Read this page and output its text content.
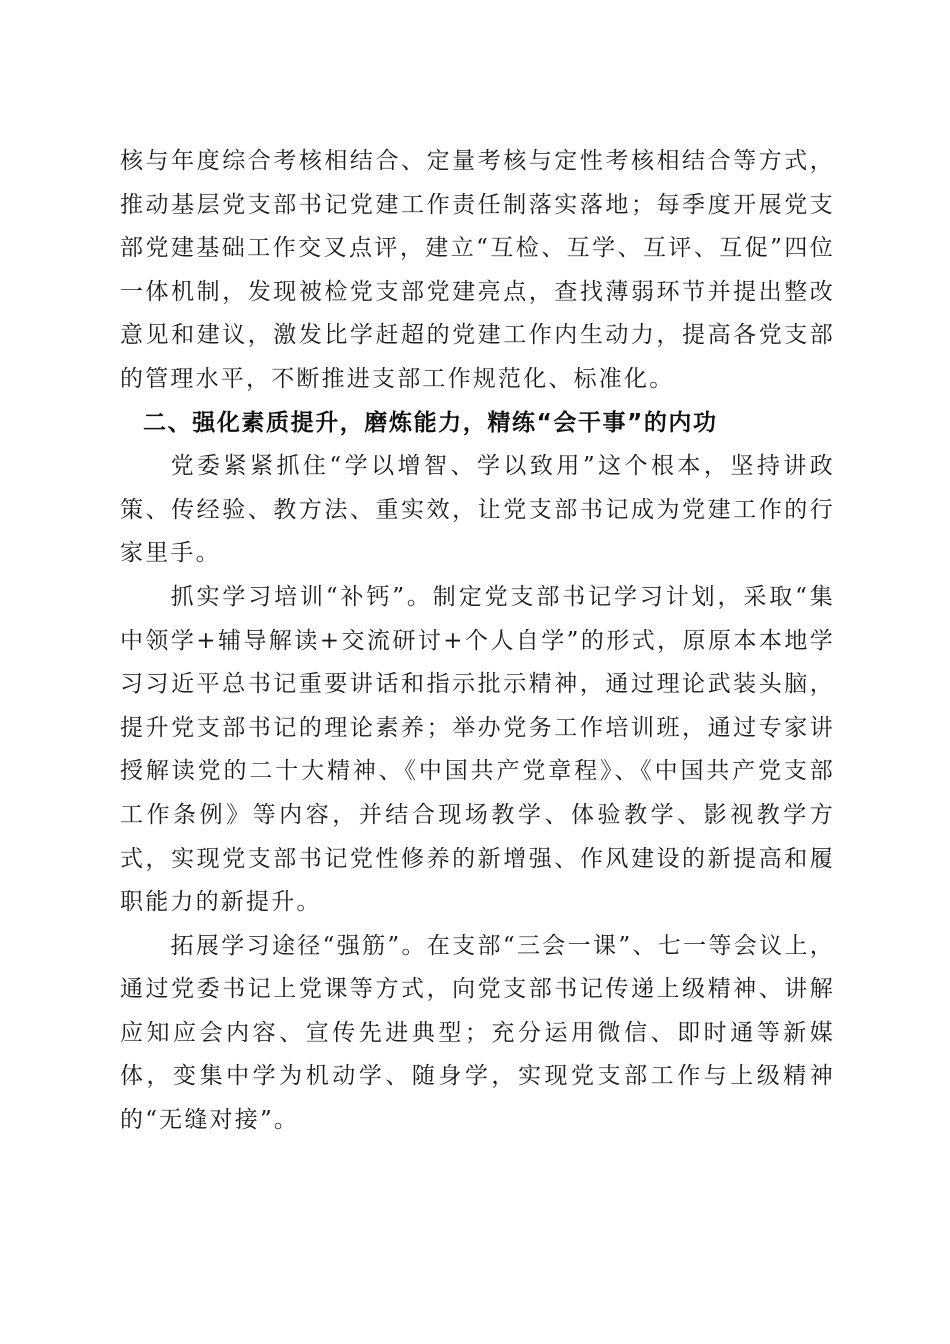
核与年度综合考核相结合、定量考核与定性考核相结合等方式，推动基层党支部书记党建工作责任制落实落地；每季度开展党支部党建基础工作交叉点评，建立“互检、互学、互评、互促”四位一体机制，发现被检党支部党建亮点，查找薄弱环节并提出整改意见和建议，激发比学赶超的党建工作内生动力，提高各党支部的管理水平，不断推进支部工作规范化、标准化。

二、强化素质提升，磨炼能力，精练“会干事”的内功

党委紧紧抓住“学以增智、学以致用”这个根本，坚持讲政策、传经验、教方法、重实效，让党支部书记成为党建工作的行家里手。

抓实学习培训“补钙”。制定党支部书记学习计划，采取“集中领学+辅导解读+交流研讨+个人自学”的形式，原原本本地学习习近平总书记重要讲话和指示批示精神，通过理论武装头脑，提升党支部书记的理论素养；举办党务工作培训班，通过专家讲授解读党的二十大精神、《中国共产党章程》、《中国共产党支部工作条例》等内容，并结合现场教学、体验教学、影视教学方式，实现党支部书记党性修养的新增强、作风建设的新提高和履职能力的新提升。

拓展学习途径“强筋”。在支部“三会一课”、七一等会议上，通过党委书记上党课等方式，向党支部书记传递上级精神、讲解应知应会内容、宣传先进典型；充分运用微信、即时通等新媒体，变集中学为机动学、随身学，实现党支部工作与上级精神的“无缝对接”。
